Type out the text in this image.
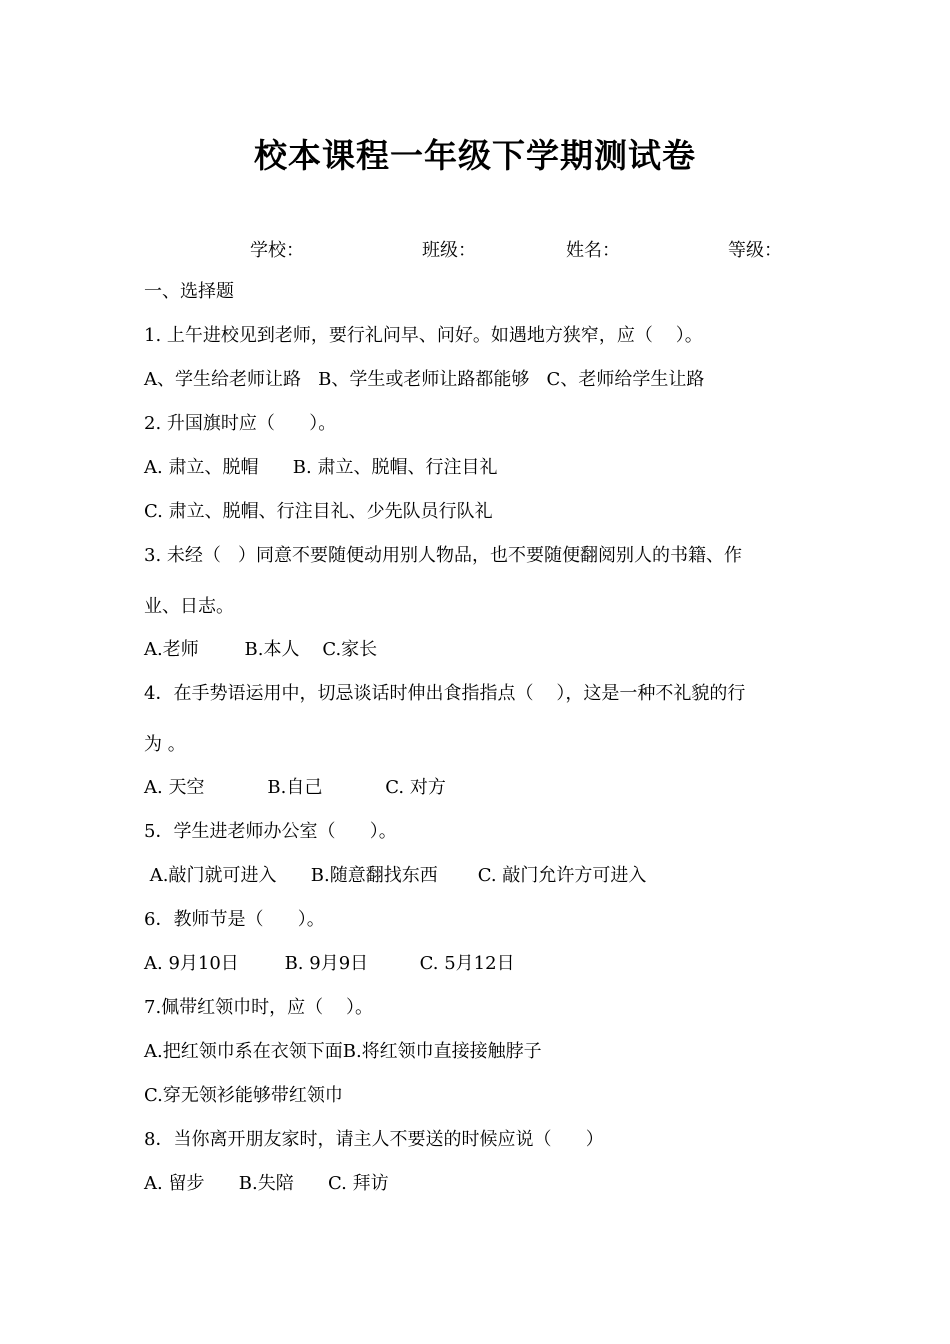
校本课程一年级下学期测试卷
学校：	班级：	姓名：	等级：
一、选择题
1. 上午进校见到老师，要行礼问早、问好。如遇地方狭窄，应（    ）。
A、学生给老师让路   B、学生或老师让路都能够   C、老师给学生让路
2. 升国旗时应（      ）。
A. 肃立、脱帽      B. 肃立、脱帽、行注目礼
C. 肃立、脱帽、行注目礼、少先队员行队礼
3. 未经（   ）同意不要随便动用别人物品，也不要随便翻阅别人的书籍、作
业、日志。
A.老师        B.本人    C.家长
4．在手势语运用中，切忌谈话时伸出食指指点（    ），这是一种不礼貌的行
为 。
A. 天空           B.自己           C. 对方
5．学生进老师办公室（      ）。
A.敲门就可进入      B.随意翻找东西       C. 敲门允许方可进入
6．教师节是（      ）。
A. 9月10日        B. 9月9日         C. 5月12日
7.佩带红领巾时，应（    ）。
A.把红领巾系在衣领下面B.将红领巾直接接触脖子
C.穿无领衫能够带红领巾
8．当你离开朋友家时，请主人不要送的时候应说（      ）
A. 留步      B.失陪      C. 拜访
